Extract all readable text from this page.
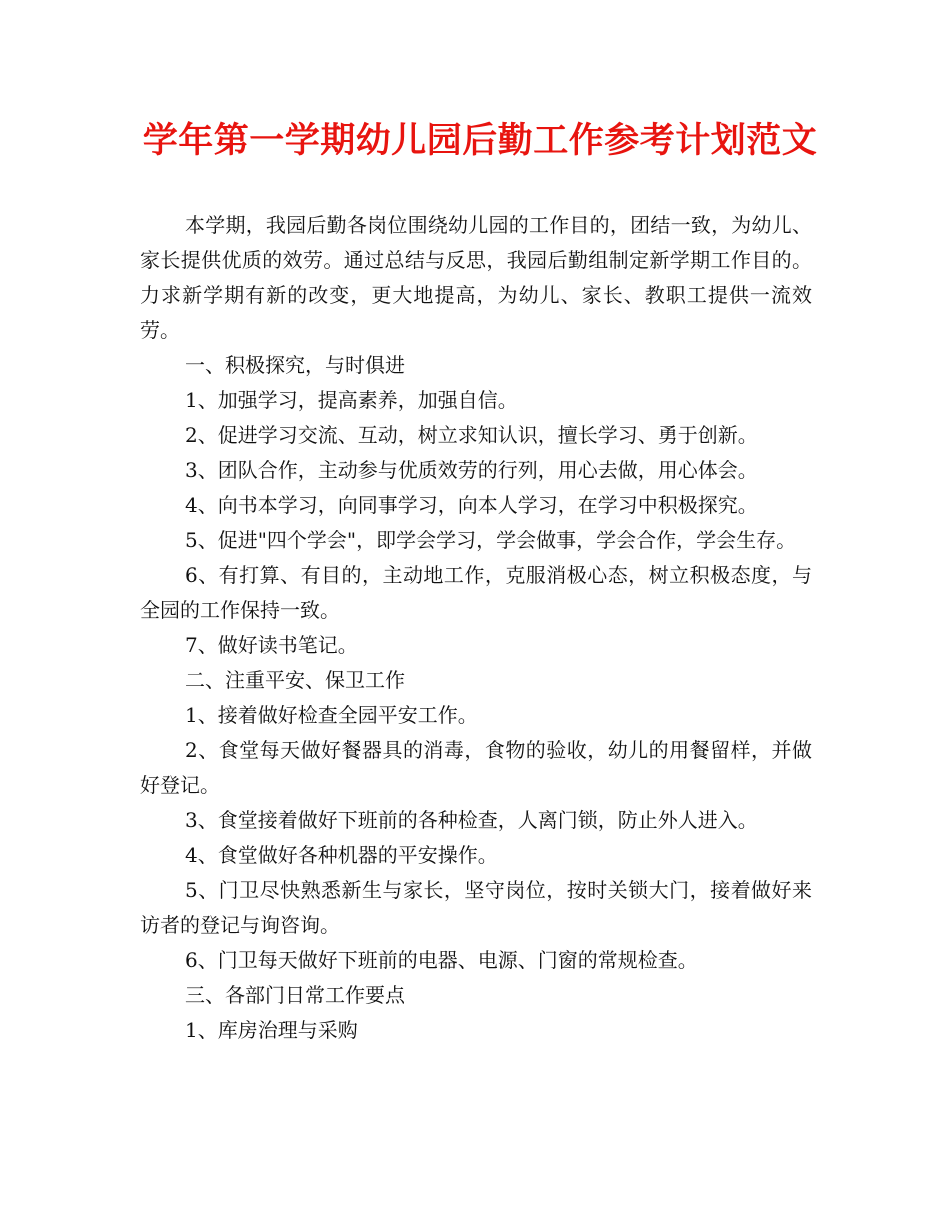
学年第一学期幼儿园后勤工作参考计划范文

本学期，我园后勤各岗位围绕幼儿园的工作目的，团结一致，为幼儿、家长提供优质的效劳。通过总结与反思，我园后勤组制定新学期工作目的。力求新学期有新的改变，更大地提高，为幼儿、家长、教职工提供一流效劳。

一、积极探究，与时俱进

1、加强学习，提高素养，加强自信。

2、促进学习交流、互动，树立求知认识，擅长学习、勇于创新。

3、团队合作，主动参与优质效劳的行列，用心去做，用心体会。

4、向书本学习，向同事学习，向本人学习，在学习中积极探究。

5、促进"四个学会"，即学会学习，学会做事，学会合作，学会生存。

6、有打算、有目的，主动地工作，克服消极心态，树立积极态度，与全园的工作保持一致。

7、做好读书笔记。

二、注重平安、保卫工作

1、接着做好检查全园平安工作。

2、食堂每天做好餐器具的消毒，食物的验收，幼儿的用餐留样，并做好登记。

3、食堂接着做好下班前的各种检查，人离门锁，防止外人进入。

4、食堂做好各种机器的平安操作。

5、门卫尽快熟悉新生与家长，坚守岗位，按时关锁大门，接着做好来访者的登记与询咨询。

6、门卫每天做好下班前的电器、电源、门窗的常规检查。

三、各部门日常工作要点

1、库房治理与采购
